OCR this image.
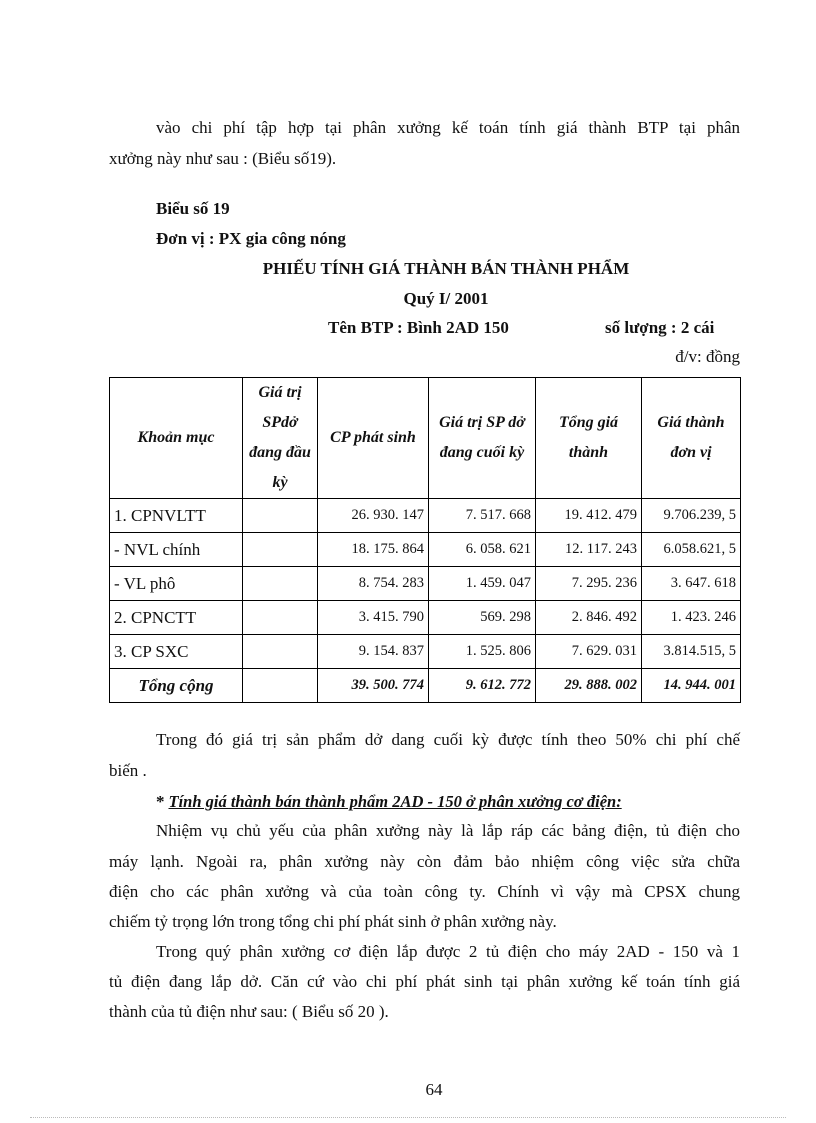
vào chi phí tập hợp tại phân xưởng kế toán tính giá thành BTP tại phân
xưởng này như sau : (Biểu số19).
Biểu số 19
Đơn vị : PX gia công nóng
PHIẾU TÍNH GIÁ THÀNH BÁN THÀNH PHẨM
Quý I/ 2001
Tên BTP : Bình 2AD 150	số lượng : 2 cái
đ/v: đồng
Khoản mục	Giá trị SPdở đang đầu kỳ	CP phát sinh	Giá trị SP dở đang cuối kỳ	Tổng giá thành	Giá thành đơn vị
1. CPNVLTT		26. 930. 147	7. 517. 668	19. 412. 479	9.706.239, 5
- NVL chính		18. 175. 864	6. 058. 621	12. 117. 243	6.058.621, 5
- VL phô		8. 754. 283	1. 459. 047	7. 295. 236	3. 647. 618
2. CPNCTT		3. 415. 790	569. 298	2. 846. 492	1. 423. 246
3. CP SXC		9. 154. 837	1. 525. 806	7. 629. 031	3.814.515, 5
Tổng cộng		39. 500. 774	9. 612. 772	29. 888. 002	14. 944. 001
Trong đó giá trị sản phẩm dở dang cuối kỳ được tính theo 50% chi phí chế
biến .
* Tính giá thành bán thành phẩm 2AD - 150 ở phân xưởng cơ điện:
Nhiệm vụ chủ yếu của phân xưởng này là lắp ráp các bảng điện, tủ điện cho
máy lạnh. Ngoài ra, phân xưởng này còn đảm bảo nhiệm công việc sửa chữa
điện cho các phân xưởng và của toàn công ty. Chính vì vậy mà CPSX chung
chiếm tỷ trọng lớn trong tổng chi phí phát sinh ở phân xưởng này.
Trong quý phân xưởng cơ điện lắp được 2 tủ điện cho máy 2AD - 150 và 1
tủ điện đang lắp dở. Căn cứ vào chi phí phát sinh tại phân xưởng kế toán tính giá
thành của tủ điện như sau: ( Biểu số 20 ).
64
